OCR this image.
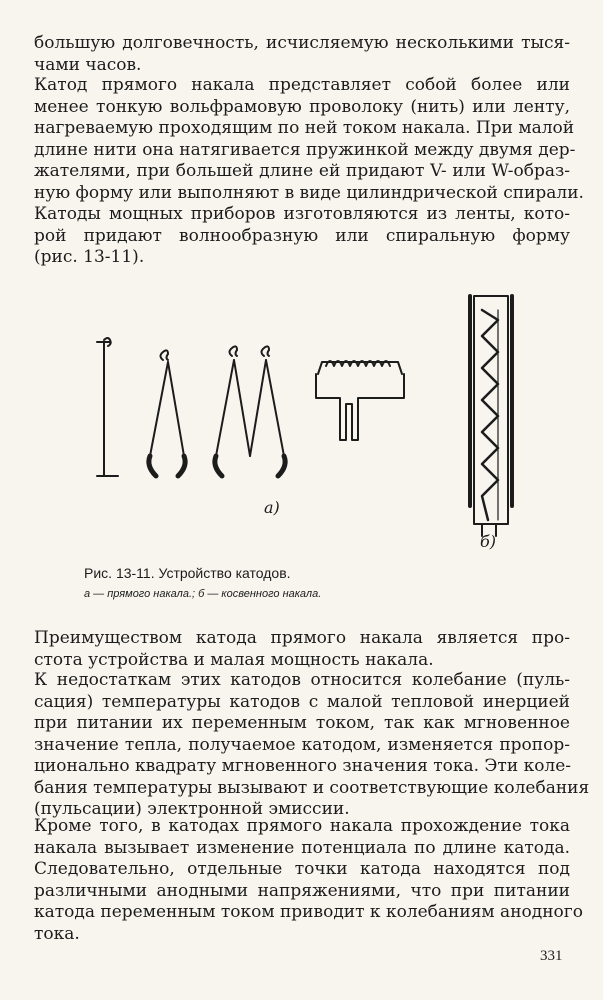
большую долговечность, исчисляемую несколькими тыся-
чами часов.

Катод прямого накала представляет собой более или
менее тонкую вольфрамовую проволоку (нить) или ленту,
нагреваемую проходящим по ней током накала. При малой
длине нити она натягивается пружинкой между двумя дер-
жателями, при большей длине ей придают V- или W-образ-
ную форму или выполняют в виде цилиндрической спирали.
Катоды мощных приборов изготовляются из ленты, кото-
рой придают волнообразную или спиральную форму
(рис. 13-11).

а)
б)
Рис. 13-11. Устройство катодов.
а — прямого накала.; б — косвенного накала.

Преимуществом катода прямого накала является про-
стота устройства и малая мощность накала.

К недостаткам этих катодов относится колебание (пуль-
сация) температуры катодов с малой тепловой инерцией
при питании их переменным током, так как мгновенное
значение тепла, получаемое катодом, изменяется пропор-
ционально квадрату мгновенного значения тока. Эти коле-
бания температуры вызывают и соответствующие колебания
(пульсации) электронной эмиссии.

Кроме того, в катодах прямого накала прохождение тока
накала вызывает изменение потенциала по длине катода.
Следовательно, отдельные точки катода находятся под
различными анодными напряжениями, что при питании
катода переменным током приводит к колебаниям анодного
тока.

331
